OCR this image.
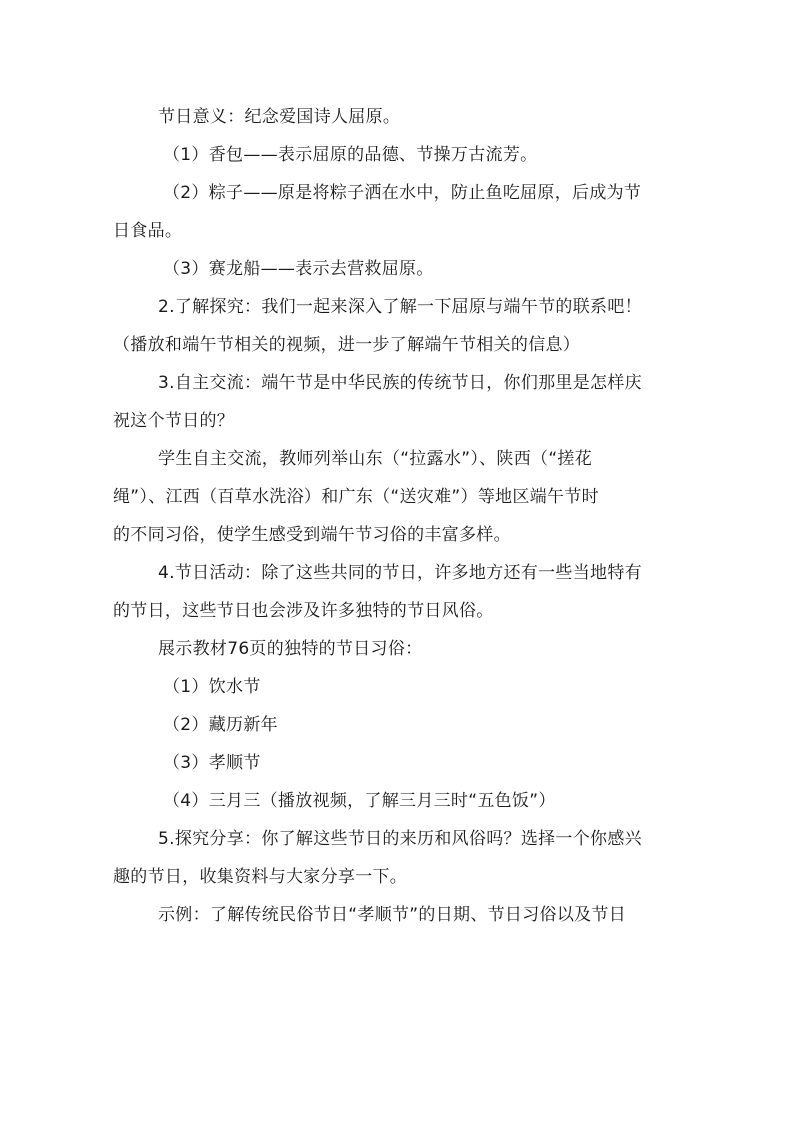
节日意义：纪念爱国诗人屈原。
（1）香包——表示屈原的品德、节操万古流芳。
（2）粽子——原是将粽子洒在水中，防止鱼吃屈原，后成为节
日食品。
（3）赛龙船——表示去营救屈原。
2.了解探究：我们一起来深入了解一下屈原与端午节的联系吧！
（播放和端午节相关的视频，进一步了解端午节相关的信息）
3.自主交流：端午节是中华民族的传统节日，你们那里是怎样庆
祝这个节日的？
学生自主交流，教师列举山东（“拉露水”）、陕西（“搓花
绳”）、江西（百草水洗浴）和广东（“送灾难”）等地区端午节时
的不同习俗，使学生感受到端午节习俗的丰富多样。
4.节日活动：除了这些共同的节日，许多地方还有一些当地特有
的节日，这些节日也会涉及许多独特的节日风俗。
展示教材76页的独特的节日习俗：
（1）饮水节
（2）藏历新年
（3）孝顺节
（4）三月三（播放视频，了解三月三时“五色饭”）
5.探究分享：你了解这些节日的来历和风俗吗？选择一个你感兴
趣的节日，收集资料与大家分享一下。
示例：了解传统民俗节日“孝顺节”的日期、节日习俗以及节日
